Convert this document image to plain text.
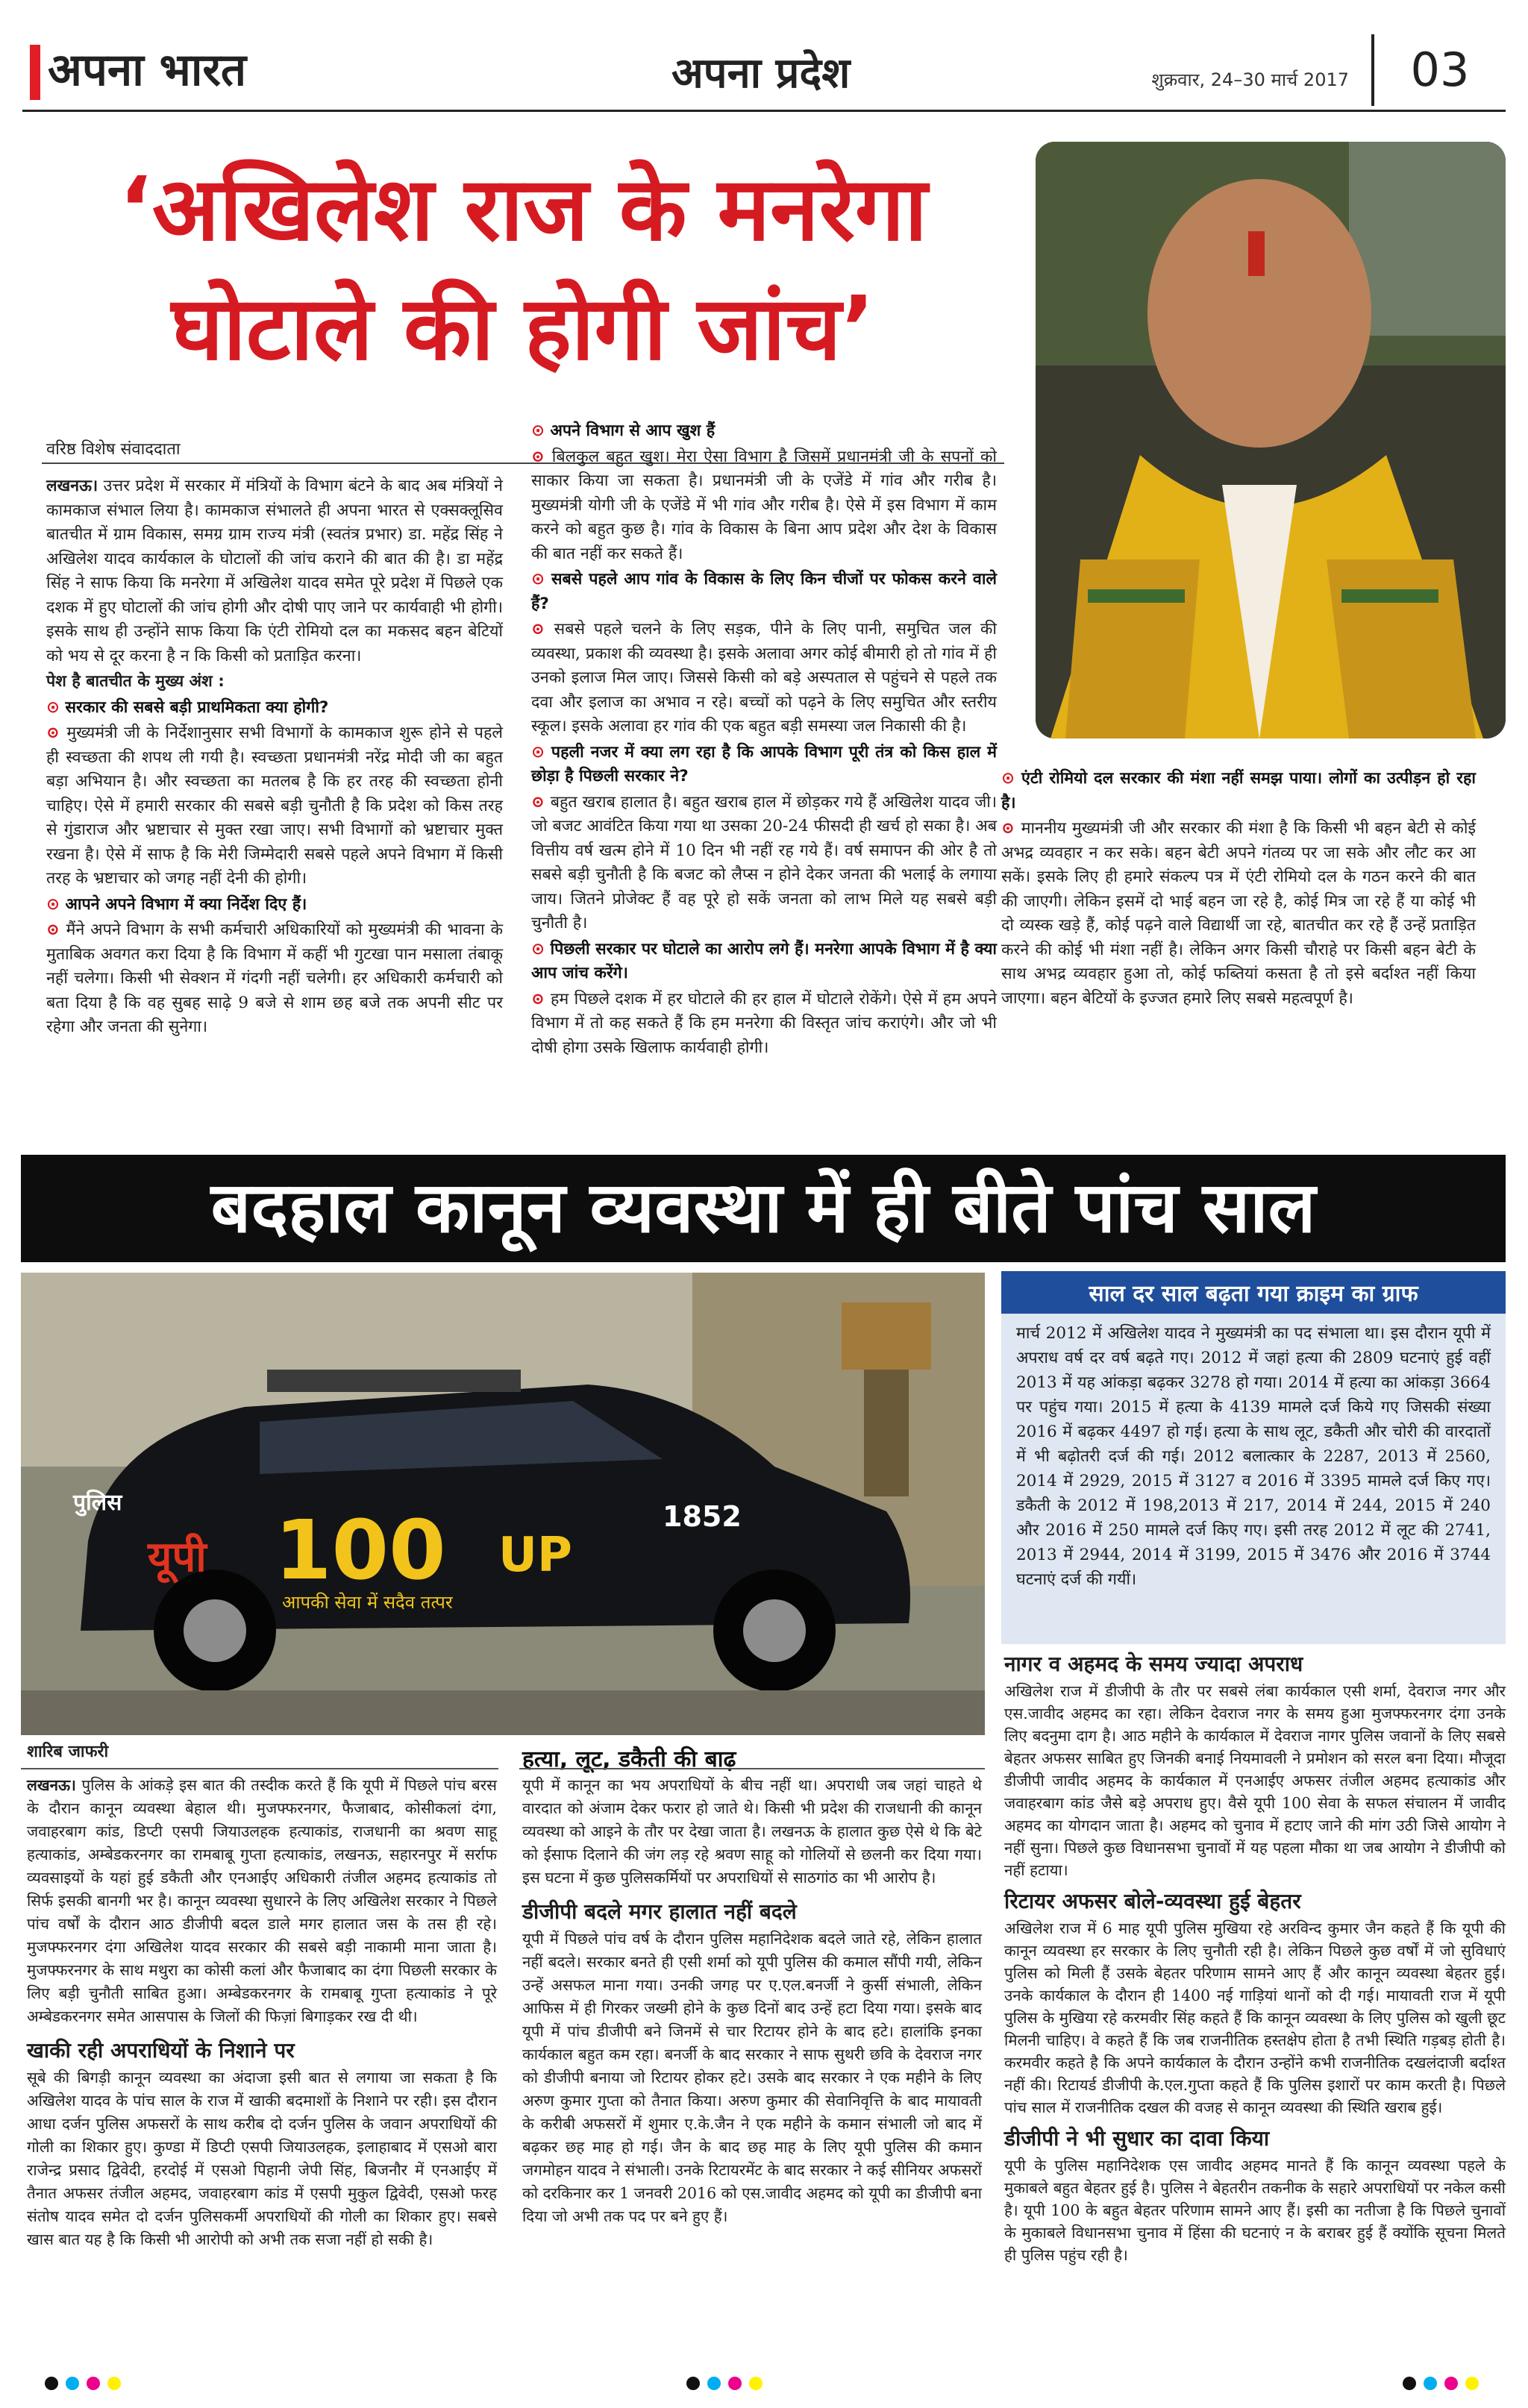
अपना भारत	अपना प्रदेश	शुक्रवार, 24–30 मार्च 2017	03
‘अखिलेश राज के मनरेगा
घोटाले की होगी जांच’
वरिष्ठ विशेष संवाददाता

लखनऊ। उत्तर प्रदेश में सरकार में मंत्रियों के विभाग बंटने के बाद अब मंत्रियों ने कामकाज संभाल लिया है। कामकाज संभालते ही अपना भारत से एक्सक्लूसिव बातचीत में ग्राम विकास, समग्र ग्राम राज्य मंत्री (स्वतंत्र प्रभार) डा. महेंद्र सिंह ने अखिलेश यादव कार्यकाल के घोटालों की जांच कराने की बात की है। डा महेंद्र सिंह ने साफ किया कि मनरेगा में अखिलेश यादव समेत पूरे प्रदेश में पिछले एक दशक में हुए घोटालों की जांच होगी और दोषी पाए जाने पर कार्यवाही भी होगी। इसके साथ ही उन्होंने साफ किया कि एंटी रोमियो दल का मकसद बहन बेटियों को भय से दूर करना है न कि किसी को प्रताड़ित करना।

पेश है बातचीत के मुख्य अंश :

⊙ सरकार की सबसे बड़ी प्राथमिकता क्या होगी?

⊙ मुख्यमंत्री जी के निर्देशानुसार सभी विभागों के कामकाज शुरू होने से पहले ही स्वच्छता की शपथ ली गयी है। स्वच्छता प्रधानमंत्री नरेंद्र मोदी जी का बहुत बड़ा अभियान है। और स्वच्छता का मतलब है कि हर तरह की स्वच्छता होनी चाहिए। ऐसे में हमारी सरकार की सबसे बड़ी चुनौती है कि प्रदेश को किस तरह से गुंडाराज और भ्रष्टाचार से मुक्त रखा जाए। सभी विभागों को भ्रष्टाचार मुक्त रखना है। ऐसे में साफ है कि मेरी जिम्मेदारी सबसे पहले अपने विभाग में किसी तरह के भ्रष्टाचार को जगह नहीं देनी की होगी।

⊙ आपने अपने विभाग में क्या निर्देश दिए हैं।

⊙ मैंने अपने विभाग के सभी कर्मचारी अधिकारियों को मुख्यमंत्री की भावना के मुताबिक अवगत करा दिया है कि विभाग में कहीं भी गुटखा पान मसाला तंबाकू नहीं चलेगा। किसी भी सेक्शन में गंदगी नहीं चलेगी। हर अधिकारी कर्मचारी को बता दिया है कि वह सुबह साढ़े 9 बजे से शाम छह बजे तक अपनी सीट पर रहेगा और जनता की सुनेगा।

⊙ अपने विभाग से आप खुश हैं

⊙ बिलकुल बहुत खुश। मेरा ऐसा विभाग है जिसमें प्रधानमंत्री जी के सपनों को साकार किया जा सकता है। प्रधानमंत्री जी के एजेंडे में गांव और गरीब है। मुख्यमंत्री योगी जी के एजेंडे में भी गांव और गरीब है। ऐसे में इस विभाग में काम करने को बहुत कुछ है। गांव के विकास के बिना आप प्रदेश और देश के विकास की बात नहीं कर सकते हैं।

⊙ सबसे पहले आप गांव के विकास के लिए किन चीजों पर फोकस करने वाले हैं?

⊙ सबसे पहले चलने के लिए सड़क, पीने के लिए पानी, समुचित जल की व्यवस्था, प्रकाश की व्यवस्था है। इसके अलावा अगर कोई बीमारी हो तो गांव में ही उनको इलाज मिल जाए। जिससे किसी को बड़े अस्पताल से पहुंचने से पहले तक दवा और इलाज का अभाव न रहे। बच्चों को पढ़ने के लिए समुचित और स्तरीय स्कूल। इसके अलावा हर गांव की एक बहुत बड़ी समस्या जल निकासी की है।

⊙ पहली नजर में क्या लग रहा है कि आपके विभाग पूरी तंत्र को किस हाल में छोड़ा है पिछली सरकार ने?

⊙ बहुत खराब हालात है। बहुत खराब हाल में छोड़कर गये हैं अखिलेश यादव जी। जो बजट आवंटित किया गया था उसका 20-24 फीसदी ही खर्च हो सका है। अब वित्तीय वर्ष खत्म होने में 10 दिन भी नहीं रह गये हैं। वर्ष समापन की ओर है तो सबसे बड़ी चुनौती है कि बजट को लैप्स न होने देकर जनता की भलाई के लगाया जाय। जितने प्रोजेक्ट हैं वह पूरे हो सकें जनता को लाभ मिले यह सबसे बड़ी चुनौती है।

⊙ पिछली सरकार पर घोटाले का आरोप लगे हैं। मनरेगा आपके विभाग में है क्या आप जांच करेंगे।

⊙ हम पिछले दशक में हर घोटाले की हर हाल में घोटाले रोकेंगे। ऐसे में हम अपने विभाग में तो कह सकते हैं कि हम मनरेगा की विस्तृत जांच कराएंगे। और जो भी दोषी होगा उसके खिलाफ कार्यवाही होगी।

⊙ एंटी रोमियो दल सरकार की मंशा नहीं समझ पाया। लोगों का उत्पीड़न हो रहा है।

⊙ माननीय मुख्यमंत्री जी और सरकार की मंशा है कि किसी भी बहन बेटी से कोई अभद्र व्यवहार न कर सके। बहन बेटी अपने गंतव्य पर जा सके और लौट कर आ सकें। इसके लिए ही हमारे संकल्प पत्र में एंटी रोमियो दल के गठन करने की बात की जाएगी। लेकिन इसमें दो भाई बहन जा रहे है, कोई मित्र जा रहे हैं या कोई भी दो व्यस्क खड़े हैं, कोई पढ़ने वाले विद्यार्थी जा रहे, बातचीत कर रहे हैं उन्हें प्रताड़ित करने की कोई भी मंशा नहीं है। लेकिन अगर किसी चौराहे पर किसी बहन बेटी के साथ अभद्र व्यवहार हुआ तो, कोई फब्तियां कसता है तो इसे बर्दाश्त नहीं किया जाएगा। बहन बेटियों के इज्जत हमारे लिए सबसे महत्वपूर्ण है।

बदहाल कानून व्यवस्था में ही बीते पांच साल
पुलिस
यूपी 100 UP
आपकी सेवा में सदैव तत्पर
1852
शारिब जाफरी
साल दर साल बढ़ता गया क्राइम का ग्राफ
मार्च 2012 में अखिलेश यादव ने मुख्यमंत्री का पद संभाला था। इस दौरान यूपी में अपराध वर्ष दर वर्ष बढ़ते गए। 2012 में जहां हत्या की 2809 घटनाएं हुई वहीं 2013 में यह आंकड़ा बढ़कर 3278 हो गया। 2014 में हत्या का आंकड़ा 3664 पर पहुंच गया। 2015 में हत्या के 4139 मामले दर्ज किये गए जिसकी संख्या 2016 में बढ़कर 4497 हो गई। हत्या के साथ लूट, डकैती और चोरी की वारदातों में भी बढ़ोतरी दर्ज की गई। 2012 बलात्कार के 2287, 2013 में 2560, 2014 में 2929, 2015 में 3127 व 2016 में 3395 मामले दर्ज किए गए। डकैती के 2012 में 198,2013 में 217, 2014 में 244, 2015 में 240 और 2016 में 250 मामले दर्ज किए गए। इसी तरह 2012 में लूट की 2741, 2013 में 2944, 2014 में 3199, 2015 में 3476 और 2016 में 3744 घटनाएं दर्ज की गयीं।

लखनऊ। पुलिस के आंकड़े इस बात की तस्दीक करते हैं कि यूपी में पिछले पांच बरस के दौरान कानून व्यवस्था बेहाल थी। मुजफ्फरनगर, फैजाबाद, कोसीकलां दंगा, जवाहरबाग कांड, डिप्टी एसपी जियाउलहक हत्याकांड, राजधानी का श्रवण साहू हत्याकांड, अम्बेडकरनगर का रामबाबू गुप्ता हत्याकांड, लखनऊ, सहारनपुर में सर्राफ व्यवसाइयों के यहां हुई डकैती और एनआईए अधिकारी तंजील अहमद हत्याकांड तो सिर्फ इसकी बानगी भर है। कानून व्यवस्था सुधारने के लिए अखिलेश सरकार ने पिछले पांच वर्षों के दौरान आठ डीजीपी बदल डाले मगर हालात जस के तस ही रहे। मुजफ्फरनगर दंगा अखिलेश यादव सरकार की सबसे बड़ी नाकामी माना जाता है। मुजफ्फरनगर के साथ मथुरा का कोसी कलां और फैजाबाद का दंगा पिछली सरकार के लिए बड़ी चुनौती साबित हुआ। अम्बेडकरनगर के रामबाबू गुप्ता हत्याकांड ने पूरे अम्बेडकरनगर समेत आसपास के जिलों की फिज़ां बिगाड़कर रख दी थी।

खाकी रही अपराधियों के निशाने पर

सूबे की बिगड़ी कानून व्यवस्था का अंदाजा इसी बात से लगाया जा सकता है कि अखिलेश यादव के पांच साल के राज में खाकी बदमाशों के निशाने पर रही। इस दौरान आधा दर्जन पुलिस अफसरों के साथ करीब दो दर्जन पुलिस के जवान अपराधियों की गोली का शिकार हुए। कुण्डा में डिप्टी एसपी जियाउलहक, इलाहाबाद में एसओ बारा राजेन्द्र प्रसाद द्विवेदी, हरदोई में एसओ पिहानी जेपी सिंह, बिजनौर में एनआईए में तैनात अफसर तंजील अहमद, जवाहरबाग कांड में एसपी मुकुल द्विवेदी, एसओ फरह संतोष यादव समेत दो दर्जन पुलिसकर्मी अपराधियों की गोली का शिकार हुए। सबसे खास बात यह है कि किसी भी आरोपी को अभी तक सजा नहीं हो सकी है।

हत्या, लूट, डकैती की बाढ़

यूपी में कानून का भय अपराधियों के बीच नहीं था। अपराधी जब जहां चाहते थे वारदात को अंजाम देकर फरार हो जाते थे। किसी भी प्रदेश की राजधानी की कानून व्यवस्था को आइने के तौर पर देखा जाता है। लखनऊ के हालात कुछ ऐसे थे कि बेटे को ईसाफ दिलाने की जंग लड़ रहे श्रवण साहू को गोलियों से छलनी कर दिया गया। इस घटना में कुछ पुलिसकर्मियों पर अपराधियों से साठगांठ का भी आरोप है।

डीजीपी बदले मगर हालात नहीं बदले

यूपी में पिछले पांच वर्ष के दौरान पुलिस महानिदेशक बदले जाते रहे, लेकिन हालात नहीं बदले। सरकार बनते ही एसी शर्मा को यूपी पुलिस की कमाल सौंपी गयी, लेकिन उन्हें असफल माना गया। उनकी जगह पर ए.एल.बनर्जी ने कुर्सी संभाली, लेकिन आफिस में ही गिरकर जख्मी होने के कुछ दिनों बाद उन्हें हटा दिया गया। इसके बाद यूपी में पांच डीजीपी बने जिनमें से चार रिटायर होने के बाद हटे। हालांकि इनका कार्यकाल बहुत कम रहा। बनर्जी के बाद सरकार ने साफ सुथरी छवि के देवराज नगर को डीजीपी बनाया जो रिटायर होकर हटे। उसके बाद सरकार ने एक महीने के लिए अरुण कुमार गुप्ता को तैनात किया। अरुण कुमार की सेवानिवृत्ति के बाद मायावती के करीबी अफसरों में शुमार ए.के.जैन ने एक महीने के कमान संभाली जो बाद में बढ़कर छह माह हो गई। जैन के बाद छह माह के लिए यूपी पुलिस की कमान जगमोहन यादव ने संभाली। उनके रिटायरमेंट के बाद सरकार ने कई सीनियर अफसरों को दरकिनार कर 1 जनवरी 2016 को एस.जावीद अहमद को यूपी का डीजीपी बना दिया जो अभी तक पद पर बने हुए हैं।

नागर व अहमद के समय ज्यादा अपराध

अखिलेश राज में डीजीपी के तौर पर सबसे लंबा कार्यकाल एसी शर्मा, देवराज नगर और एस.जावीद अहमद का रहा। लेकिन देवराज नगर के समय हुआ मुजफ्फरनगर दंगा उनके लिए बदनुमा दाग है। आठ महीने के कार्यकाल में देवराज नागर पुलिस जवानों के लिए सबसे बेहतर अफसर साबित हुए जिनकी बनाई नियमावली ने प्रमोशन को सरल बना दिया। मौजूदा डीजीपी जावीद अहमद के कार्यकाल में एनआईए अफसर तंजील अहमद हत्याकांड और जवाहरबाग कांड जैसे बड़े अपराध हुए। वैसे यूपी 100 सेवा के सफल संचालन में जावीद अहमद का योगदान जाता है। अहमद को चुनाव में हटाए जाने की मांग उठी जिसे आयोग ने नहीं सुना। पिछले कुछ विधानसभा चुनावों में यह पहला मौका था जब आयोग ने डीजीपी को नहीं हटाया।

रिटायर अफसर बोले-व्यवस्था हुई बेहतर

अखिलेश राज में 6 माह यूपी पुलिस मुखिया रहे अरविन्द कुमार जैन कहते हैं कि यूपी की कानून व्यवस्था हर सरकार के लिए चुनौती रही है। लेकिन पिछले कुछ वर्षों में जो सुविधाएं पुलिस को मिली हैं उसके बेहतर परिणाम सामने आए हैं और कानून व्यवस्था बेहतर हुई। उनके कार्यकाल के दौरान ही 1400 नई गाड़ियां थानों को दी गई। मायावती राज में यूपी पुलिस के मुखिया रहे करमवीर सिंह कहते हैं कि कानून व्यवस्था के लिए पुलिस को खुली छूट मिलनी चाहिए। वे कहते हैं कि जब राजनीतिक हस्तक्षेप होता है तभी स्थिति गड़बड़ होती है। करमवीर कहते है कि अपने कार्यकाल के दौरान उन्होंने कभी राजनीतिक दखलंदाजी बर्दाश्त नहीं की। रिटायर्ड डीजीपी के.एल.गुप्ता कहते हैं कि पुलिस इशारों पर काम करती है। पिछले पांच साल में राजनीतिक दखल की वजह से कानून व्यवस्था की स्थिति खराब हुई।

डीजीपी ने भी सुधार का दावा किया

यूपी के पुलिस महानिदेशक एस जावीद अहमद मानते हैं कि कानून व्यवस्था पहले के मुकाबले बहुत बेहतर हुई है। पुलिस ने बेहतरीन तकनीक के सहारे अपराधियों पर नकेल कसी है। यूपी 100 के बहुत बेहतर परिणाम सामने आए हैं। इसी का नतीजा है कि पिछले चुनावों के मुकाबले विधानसभा चुनाव में हिंसा की घटनाएं न के बराबर हुई हैं क्योंकि सूचना मिलते ही पुलिस पहुंच रही है।
